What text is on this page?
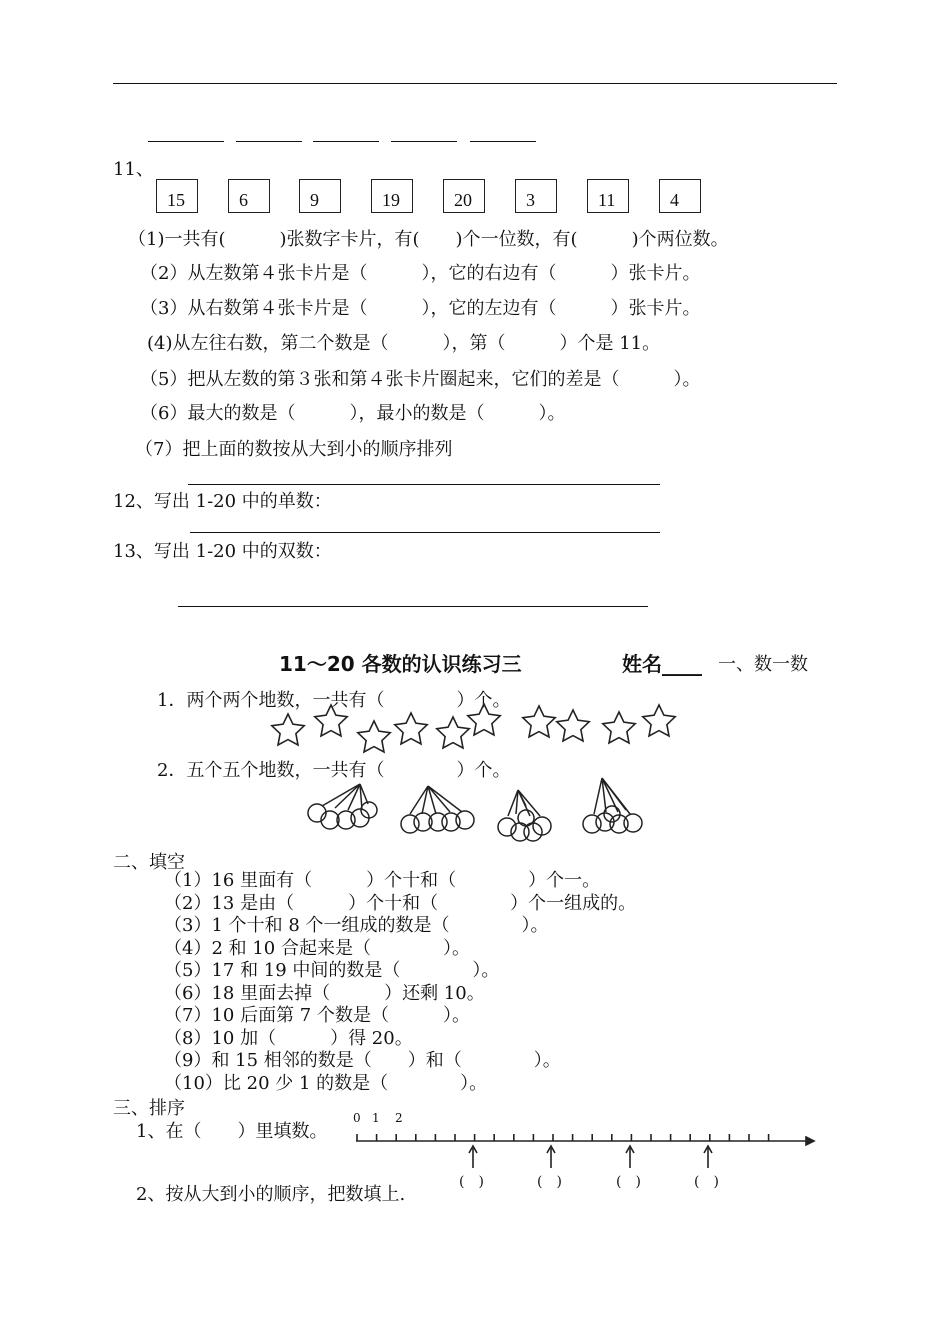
11、
15	6	9	19	20	3	11	4
（1)一共有(　　　)张数字卡片，有(　　)个一位数，有(　　　)个两位数。
（2）从左数第４张卡片是（　　　），它的右边有（　　　）张卡片。
（3）从右数第４张卡片是（　　　），它的左边有（　　　）张卡片。
(4)从左往右数，第二个数是（　　　），第（　　　）个是 11。
（5）把从左数的第３张和第４张卡片圈起来，它们的差是（　　　）。
（6）最大的数是（　　　），最小的数是（　　　）。
（7）把上面的数按从大到小的顺序排列
12、写出 1-20 中的单数：
13、写出 1-20 中的双数：
11～20 各数的认识练习三	姓名____ 一、数一数
1．两个两个地数，一共有（　　　　）个。
2．五个五个地数，一共有（　　　　）个。
二、填空
（1）16 里面有（　　　）个十和（　　　　）个一。
（2）13 是由（　　　）个十和（　　　　）个一组成的。
（3）1 个十和 8 个一组成的数是（　　　　）。
（4）2 和 10 合起来是（　　　　）。
（5）17 和 19 中间的数是（　　　　）。
（6）18 里面去掉（　　　）还剩 10。
（7）10 后面第 7 个数是（　　　）。
（8）10 加（　　　）得 20。
（9）和 15 相邻的数是（　　）和（　　　　）。
（10）比 20 少 1 的数是（　　　　）。
三、排序
1、在（　　）里填数。
0 1 2
(　)	(　)	(　)	(　)
2、按从大到小的顺序，把数填上.
